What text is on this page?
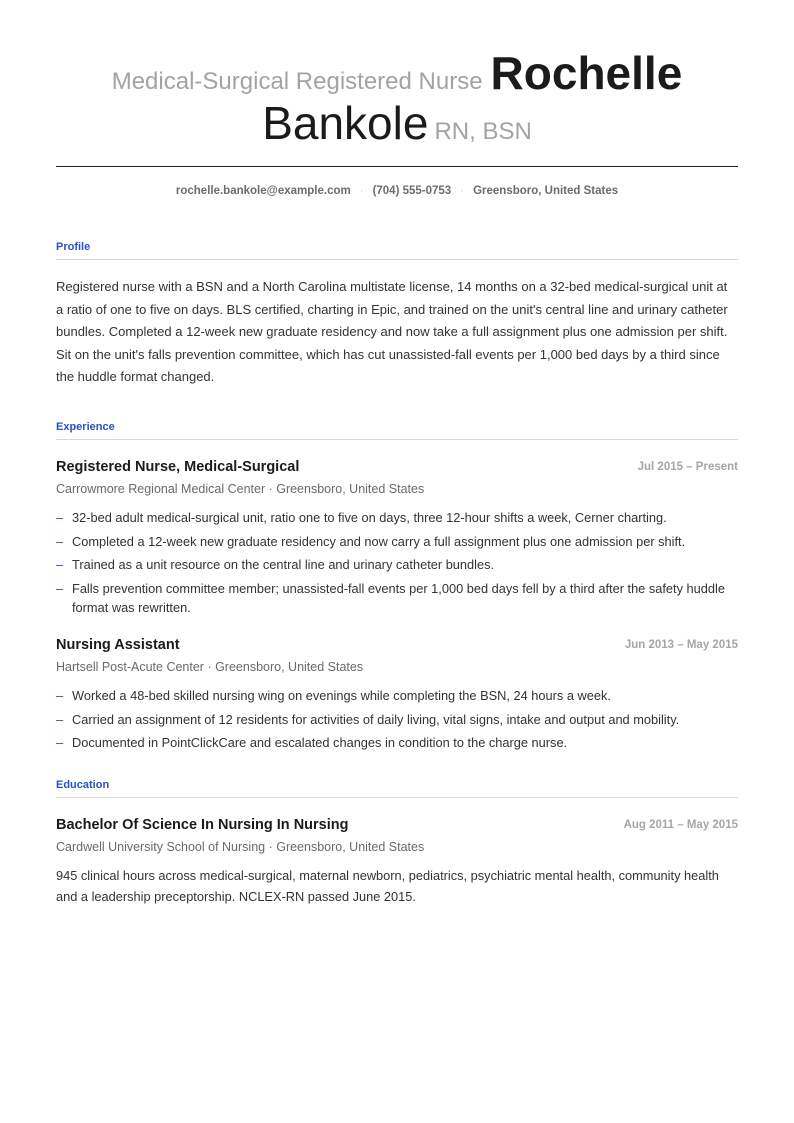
Medical-Surgical Registered Nurse Rochelle
Bankole RN, BSN
rochelle.bankole@example.com · (704) 555-0753 · Greensboro, United States
Profile
Registered nurse with a BSN and a North Carolina multistate license, 14 months on a 32-bed medical-surgical unit at a ratio of one to five on days. BLS certified, charting in Epic, and trained on the unit's central line and urinary catheter bundles. Completed a 12-week new graduate residency and now take a full assignment plus one admission per shift. Sit on the unit's falls prevention committee, which has cut unassisted-fall events per 1,000 bed days by a third since the huddle format changed.
Experience
Registered Nurse, Medical-Surgical	Jul 2015 – Present
Carrowmore Regional Medical Center · Greensboro, United States
– 32-bed adult medical-surgical unit, ratio one to five on days, three 12-hour shifts a week, Cerner charting.
– Completed a 12-week new graduate residency and now carry a full assignment plus one admission per shift.
– Trained as a unit resource on the central line and urinary catheter bundles.
– Falls prevention committee member; unassisted-fall events per 1,000 bed days fell by a third after the safety huddle format was rewritten.
Nursing Assistant	Jun 2013 – May 2015
Hartsell Post-Acute Center · Greensboro, United States
– Worked a 48-bed skilled nursing wing on evenings while completing the BSN, 24 hours a week.
– Carried an assignment of 12 residents for activities of daily living, vital signs, intake and output and mobility.
– Documented in PointClickCare and escalated changes in condition to the charge nurse.
Education
Bachelor Of Science In Nursing In Nursing	Aug 2011 – May 2015
Cardwell University School of Nursing · Greensboro, United States
945 clinical hours across medical-surgical, maternal newborn, pediatrics, psychiatric mental health, community health and a leadership preceptorship. NCLEX-RN passed June 2015.
